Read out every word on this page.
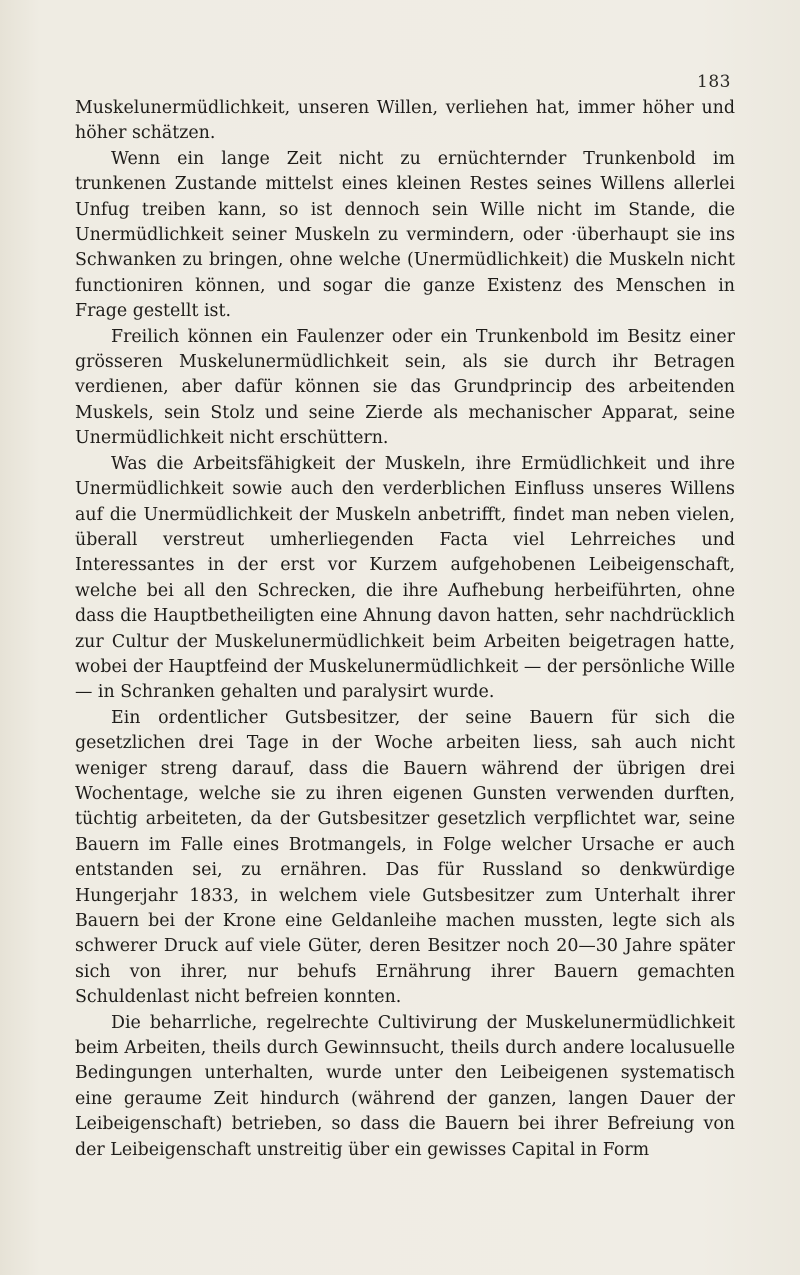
183

Muskelunermüdlichkeit, unseren Willen, verliehen hat, immer höher und höher schätzen.

Wenn ein lange Zeit nicht zu ernüchternder Trunkenbold im trunkenen Zustande mittelst eines kleinen Restes seines Willens allerlei Unfug treiben kann, so ist dennoch sein Wille nicht im Stande, die Unermüdlichkeit seiner Muskeln zu vermindern, oder ·überhaupt sie ins Schwanken zu bringen, ohne welche (Unermüdlichkeit) die Muskeln nicht functioniren können, und sogar die ganze Existenz des Menschen in Frage gestellt ist.

Freilich können ein Faulenzer oder ein Trunkenbold im Besitz einer grösseren Muskelunermüdlichkeit sein, als sie durch ihr Betragen verdienen, aber dafür können sie das Grundprincip des arbeitenden Muskels, sein Stolz und seine Zierde als mechanischer Apparat, seine Unermüdlichkeit nicht erschüttern.

Was die Arbeitsfähigkeit der Muskeln, ihre Ermüdlichkeit und ihre Unermüdlichkeit sowie auch den verderblichen Einfluss unseres Willens auf die Unermüdlichkeit der Muskeln anbetrifft, findet man neben vielen, überall verstreut umherliegenden Facta viel Lehrreiches und Interessantes in der erst vor Kurzem aufgehobenen Leibeigenschaft, welche bei all den Schrecken, die ihre Aufhebung herbeiführten, ohne dass die Hauptbetheiligten eine Ahnung davon hatten, sehr nachdrücklich zur Cultur der Muskelunermüdlichkeit beim Arbeiten beigetragen hatte, wobei der Hauptfeind der Muskelunermüdlichkeit — der persönliche Wille — in Schranken gehalten und paralysirt wurde.

Ein ordentlicher Gutsbesitzer, der seine Bauern für sich die gesetzlichen drei Tage in der Woche arbeiten liess, sah auch nicht weniger streng darauf, dass die Bauern während der übrigen drei Wochentage, welche sie zu ihren eigenen Gunsten verwenden durften, tüchtig arbeiteten, da der Gutsbesitzer gesetzlich verpflichtet war, seine Bauern im Falle eines Brotmangels, in Folge welcher Ursache er auch entstanden sei, zu ernähren. Das für Russland so denkwürdige Hungerjahr 1833, in welchem viele Gutsbesitzer zum Unterhalt ihrer Bauern bei der Krone eine Geldanleihe machen mussten, legte sich als schwerer Druck auf viele Güter, deren Besitzer noch 20—30 Jahre später sich von ihrer, nur behufs Ernährung ihrer Bauern gemachten Schuldenlast nicht befreien konnten.

Die beharrliche, regelrechte Cultivirung der Muskelunermüdlichkeit beim Arbeiten, theils durch Gewinnsucht, theils durch andere localusuelle Bedingungen unterhalten, wurde unter den Leibeigenen systematisch eine geraume Zeit hindurch (während der ganzen, langen Dauer der Leibeigenschaft) betrieben, so dass die Bauern bei ihrer Befreiung von der Leibeigenschaft unstreitig über ein gewisses Capital in Form
